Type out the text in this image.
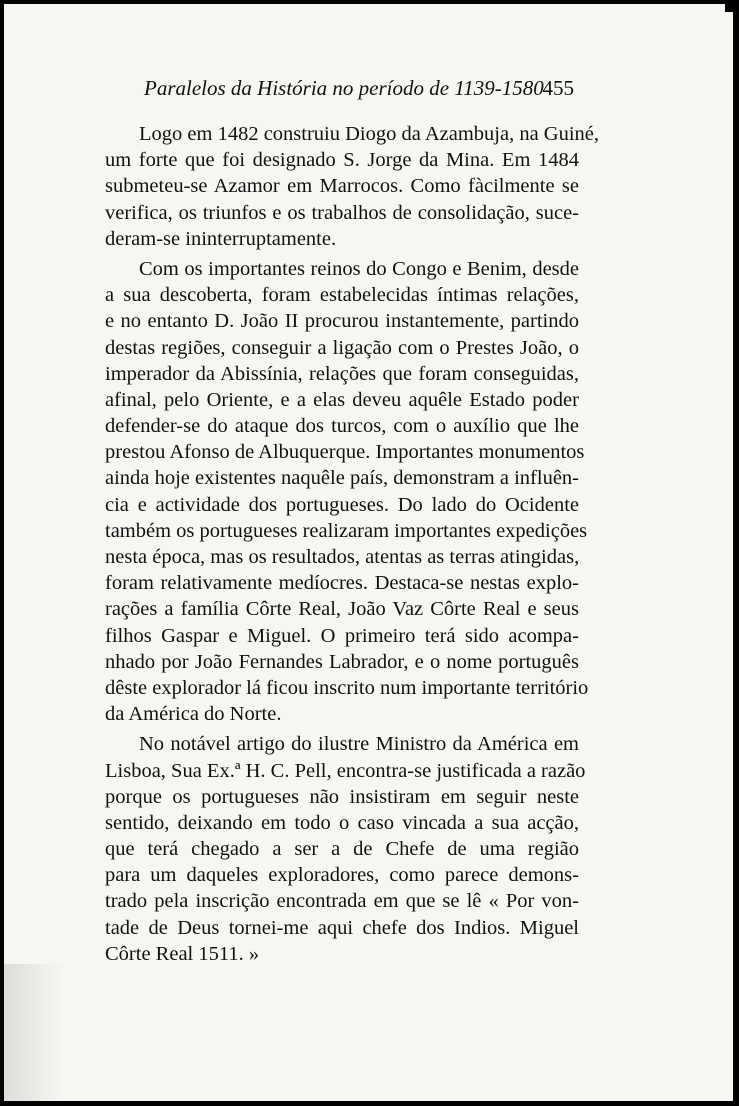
Paralelos da História no período de 1139-1580
455
Logo em 1482 construiu Diogo da Azambuja, na Guiné,
um forte que foi designado S. Jorge da Mina. Em 1484
submeteu-se Azamor em Marrocos. Como fàcilmente se
verifica, os triunfos e os trabalhos de consolidação, suce-
deram-se ininterruptamente.
Com os importantes reinos do Congo e Benim, desde
a sua descoberta, foram estabelecidas íntimas relações,
e no entanto D. João II procurou instantemente, partindo
destas regiões, conseguir a ligação com o Prestes João, o
imperador da Abissínia, relações que foram conseguidas,
afinal, pelo Oriente, e a elas deveu aquêle Estado poder
defender-se do ataque dos turcos, com o auxílio que lhe
prestou Afonso de Albuquerque. Importantes monumentos
ainda hoje existentes naquêle país, demonstram a influên-
cia e actividade dos portugueses. Do lado do Ocidente
também os portugueses realizaram importantes expedições
nesta época, mas os resultados, atentas as terras atingidas,
foram relativamente medíocres. Destaca-se nestas explo-
rações a família Côrte Real, João Vaz Côrte Real e seus
filhos Gaspar e Miguel. O primeiro terá sido acompa-
nhado por João Fernandes Labrador, e o nome português
dêste explorador lá ficou inscrito num importante território
da América do Norte.
No notável artigo do ilustre Ministro da América em
Lisboa, Sua Ex.ª H. C. Pell, encontra-se justificada a razão
porque os portugueses não insistiram em seguir neste
sentido, deixando em todo o caso vincada a sua acção,
que terá chegado a ser a de Chefe de uma região
para um daqueles exploradores, como parece demons-
trado pela inscrição encontrada em que se lê « Por von-
tade de Deus tornei-me aqui chefe dos Indios. Miguel
Côrte Real 1511. »
